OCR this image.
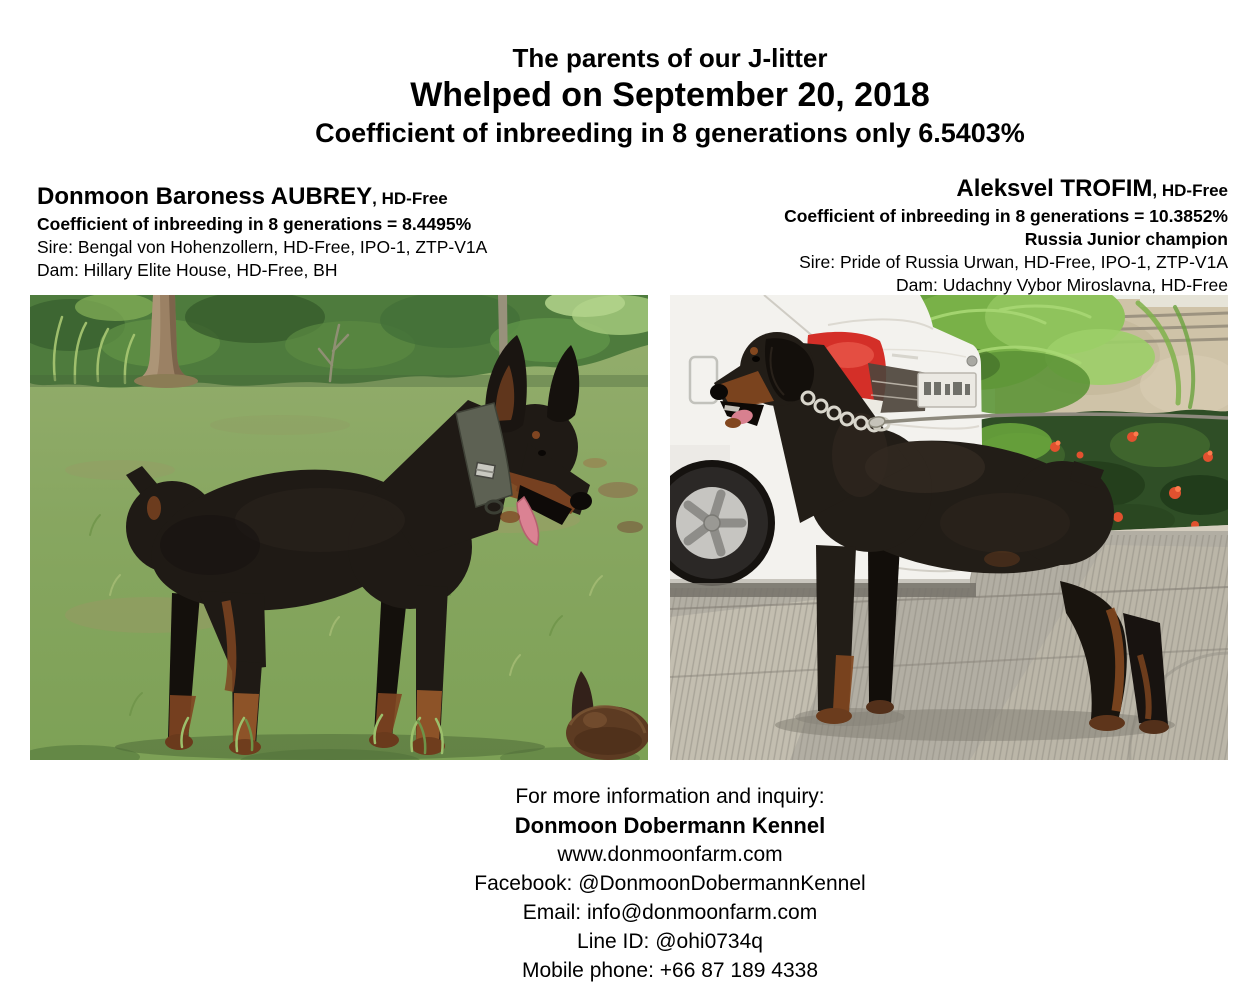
The parents of our J-litter
Whelped on September 20, 2018
Coefficient of inbreeding in 8 generations only 6.5403%
Donmoon Baroness AUBREY, HD-Free
Coefficient of inbreeding in 8 generations = 8.4495%
Sire: Bengal von Hohenzollern, HD-Free, IPO-1, ZTP-V1A
Dam: Hillary Elite House, HD-Free, BH
Aleksvel TROFIM, HD-Free
Coefficient of inbreeding in 8 generations = 10.3852%
Russia Junior champion
Sire: Pride of Russia Urwan, HD-Free, IPO-1, ZTP-V1A
Dam: Udachny Vybor Miroslavna, HD-Free
For more information and inquiry:
Donmoon Dobermann Kennel
www.donmoonfarm.com
Facebook: @DonmoonDobermannKennel
Email: info@donmoonfarm.com
Line ID: @ohi0734q
Mobile phone: +66 87 189 4338
